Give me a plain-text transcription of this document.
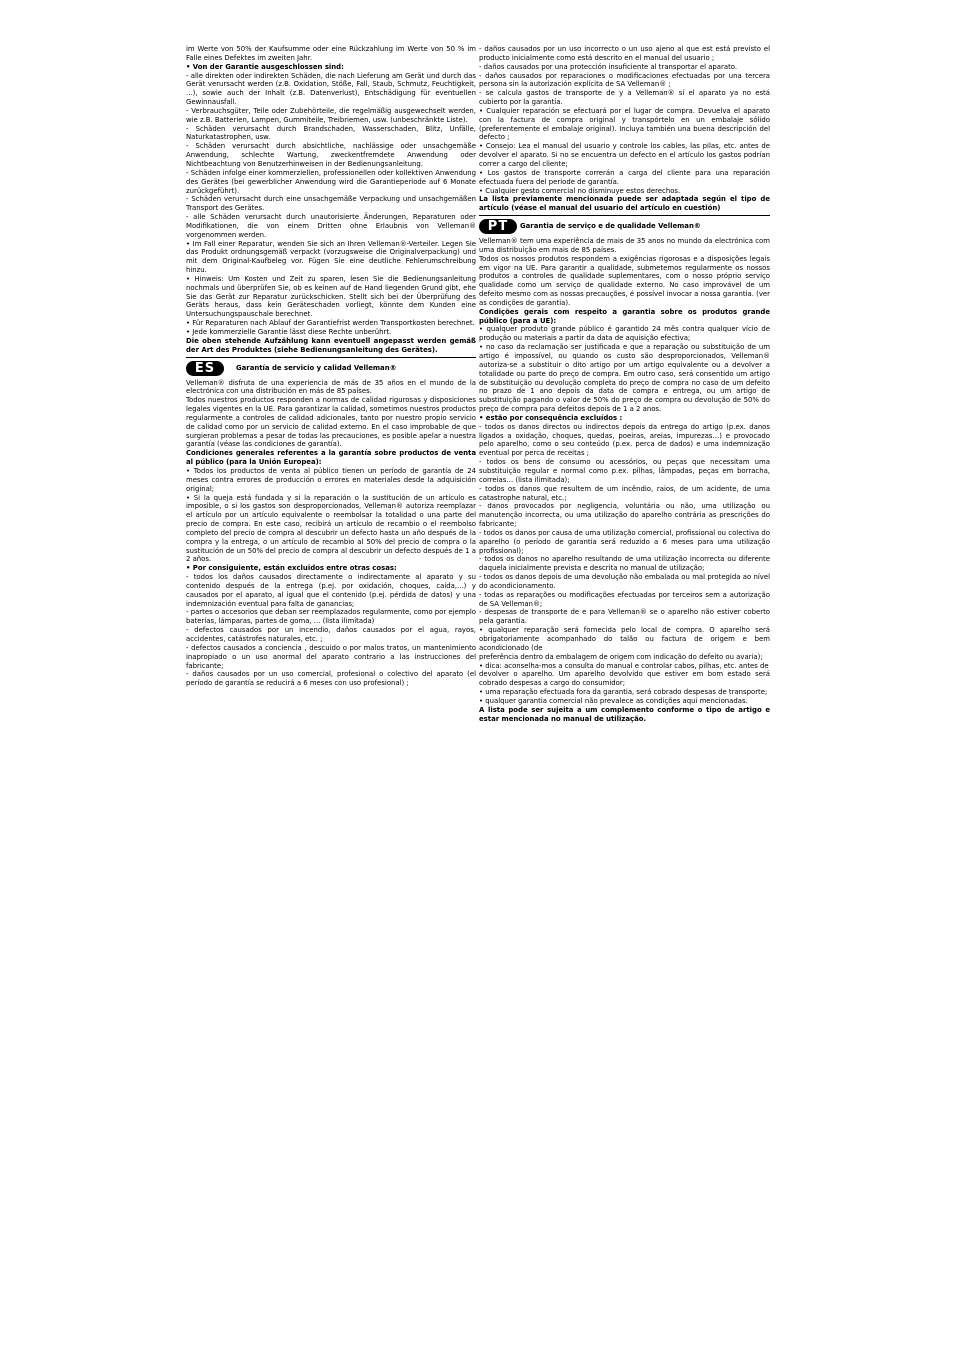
im Werte von 50% der Kaufsumme oder eine Rückzahlung im Werte von 50 % im Falle eines Defektes im zweiten Jahr.

• Von der Garantie ausgeschlossen sind:

- alle direkten oder indirekten Schäden, die nach Lieferung am Gerät und durch das Gerät verursacht werden (z.B. Oxidation, Stöße, Fall, Staub, Schmutz, Feuchtigkeit, ...), sowie auch der Inhalt (z.B. Datenverlust), Entschädigung für eventuellen Gewinnausfall.

- Verbrauchsgüter, Teile oder Zubehörteile, die regelmäßig ausgewechselt werden, wie z.B. Batterien, Lampen, Gummiteile, Treibriemen, usw. (unbeschränkte Liste).

- Schäden verursacht durch Brandschaden, Wasserschaden, Blitz, Unfälle, Naturkatastrophen, usw.

- Schäden verursacht durch absichtliche, nachlässige oder unsachgemäße Anwendung, schlechte Wartung, zweckentfremdete Anwendung oder Nichtbeachtung von Benutzerhinweisen in der Bedienungsanleitung.

- Schäden infolge einer kommerziellen, professionellen oder kollektiven Anwendung des Gerätes (bei gewerblicher Anwendung wird die Garantieperiode auf 6 Monate zurückgeführt).

- Schäden verursacht durch eine unsachgemäße Verpackung und unsachgemäßen Transport des Gerätes.

- alle Schäden verursacht durch unautorisierte Änderungen, Reparaturen oder Modifikationen, die von einem Dritten ohne Erlaubnis von Velleman® vorgenommen werden.

• Im Fall einer Reparatur, wenden Sie sich an Ihren Velleman®-Verteiler. Legen Sie das Produkt ordnungsgemäß verpackt (vorzugsweise die Originalverpackung) und mit dem Original-Kaufbeleg vor. Fügen Sie eine deutliche Fehlerumschreibung hinzu.

• Hinweis: Um Kosten und Zeit zu sparen, lesen Sie die Bedienungsanleitung nochmals und überprüfen Sie, ob es keinen auf de Hand liegenden Grund gibt, ehe Sie das Gerät zur Reparatur zurückschicken. Stellt sich bei der Überprüfung des Geräts heraus, dass kein Geräteschaden vorliegt, könnte dem Kunden eine Untersuchungspauschale berechnet.

• Für Reparaturen nach Ablauf der Garantiefrist werden Transportkosten berechnet.

• Jede kommerzielle Garantie lässt diese Rechte unberührt.

Die oben stehende Aufzählung kann eventuell angepasst werden gemäß der Art des Produktes (siehe Bedienungsanleitung des Gerätes).

ES	Garantía de servicio y calidad Velleman®

Velleman® disfruta de una experiencia de más de 35 años en el mundo de la electrónica con una distribución en más de 85 países.

Todos nuestros productos responden a normas de calidad rigurosas y disposiciones legales vigentes en la UE. Para garantizar la calidad, sometimos nuestros productos regularmente a controles de calidad adicionales, tanto por nuestro propio servicio de calidad como por un servicio de calidad externo. En el caso improbable de que surgieran problemas a pesar de todas las precauciones, es posible apelar a nuestra garantía (véase las condiciones de garantía).

Condiciones generales referentes a la garantía sobre productos de venta al público (para la Unión Europea):

• Todos los productos de venta al público tienen un período de garantía de 24 meses contra errores de producción o errores en materiales desde la adquisición original;

• Si la queja está fundada y si la reparación o la sustitución de un artículo es imposible, o si los gastos son desproporcionados, Velleman® autoriza reemplazar el artículo por un artículo equivalente o reembolsar la totalidad o una parte del precio de compra. En este caso, recibirá un artículo de recambio o el reembolso completo del precio de compra al descubrir un defecto hasta un año después de la compra y la entrega, o un artículo de recambio al 50% del precio de compra o la sustitución de un 50% del precio de compra al descubrir un defecto después de 1 a 2 años.

• Por consiguiente, están excluidos entre otras cosas:

- todos los daños causados directamente o indirectamente al aparato y su contenido después de la entrega (p.ej. por oxidación, choques, caída,...) y causados por el aparato, al igual que el contenido (p.ej. pérdida de datos) y una indemnización eventual para falta de ganancias;

- partes o accesorios que deban ser reemplazados regularmente, como por ejemplo baterías, lámparas, partes de goma, ... (lista ilimitada)

- defectos causados por un incendio, daños causados por el agua, rayos, accidentes, catástrofes naturales, etc. ;

- defectos causados a conciencia , descuido o por malos tratos, un mantenimiento inapropiado o un uso anormal del aparato contrario a las instrucciones del fabricante;

- daños causados por un uso comercial, profesional o colectivo del aparato (el período de garantía se reducirá a 6 meses con uso profesional) ;

- daños causados por un uso incorrecto o un uso ajeno al que est está previsto el producto inicialmente como está descrito en el manual del usuario ;

- daños causados por una protección insuficiente al transportar el aparato.

- daños causados por reparaciones o modificaciones efectuadas por una tercera persona sin la autorización explícita de SA Velleman® ;

- se calcula gastos de transporte de y a Velleman® si el aparato ya no está cubierto por la garantía.

• Cualquier reparación se efectuará por el lugar de compra. Devuelva el aparato con la factura de compra original y transpórtelo en un embalaje sólido (preferentemente el embalaje original). Incluya también una buena descripción del defecto ;

• Consejo: Lea el manual del usuario y controle los cables, las pilas, etc. antes de devolver el aparato. Si no se encuentra un defecto en el artículo los gastos podrían correr a cargo del cliente;

• Los gastos de transporte correrán a carga del cliente para una reparación efectuada fuera del periode de garantía.

• Cualquier gesto comercial no disminuye estos derechos.

La lista previamente mencionada puede ser adaptada según el tipo de artículo (véase el manual del usuario del artículo en cuestión)

PT	Garantia de serviço e de qualidade Velleman®

Velleman® tem uma experiência de mais de 35 anos no mundo da electrónica com uma distribuição em mais de 85 países.

Todos os nossos produtos respondem a exigências rigorosas e a disposições legais em vigor na UE. Para garantir a qualidade, submetemos regularmente os nossos produtos a controles de qualidade suplementares, com o nosso próprio serviço qualidade como um serviço de qualidade externo. No caso improvável de um defeito mesmo com as nossas precauções, é possível invocar a nossa garantia. (ver as condições de garantia).

Condições gerais com respeito a garantia sobre os produtos grande público (para a UE):

• qualquer produto grande público é garantido 24 mês contra qualquer vício de produção ou materiais a partir da data de aquisição efectiva;

• no caso da reclamação ser justificada e que a reparação ou substituição de um artigo é impossível, ou quando os custo são desproporcionados, Velleman® autoriza-se a substituir o dito artigo por um artigo equivalente ou a devolver a totalidade ou parte do preço de compra. Em outro caso, será consentido um artigo de substituição ou devolução completa do preço de compra no caso de um defeito no prazo de 1 ano depois da data de compra e entrega, ou um artigo de substituição pagando o valor de 50% do preço de compra ou devolução de 50% do preço de compra para defeitos depois de 1 a 2 anos.

• estão por consequência excluídos :

- todos os danos directos ou indirectos depois da entrega do artigo (p.ex. danos ligados a oxidação, choques, quedas, poeiras, areias, impurezas…) e provocado pelo aparelho, como o seu conteúdo (p.ex. perca de dados) e uma indemnização eventual por perca de receitas ;

- todos os bens de consumo ou acessórios, ou peças que necessitam uma substituição regular e normal como p.ex. pilhas, lâmpadas, peças em borracha, correias… (lista ilimitada);

- todos os danos que resultem de um incêndio, raios, de um acidente, de uma catastrophe natural, etc.;

- danos provocados por negligencia, voluntária ou não, uma utilização ou manutenção incorrecta, ou uma utilização do aparelho contrária as prescrições do fabricante;

- todos os danos por causa de uma utilização comercial, profissional ou colectiva do aparelho (o período de garantia será reduzido a 6 meses para uma utilização profissional);

- todos os danos no aparelho resultando de uma utilização incorrecta ou diferente daquela inicialmente prevista e descrita no manual de utilização;

- todos os danos depois de uma devolução não embalada ou mal protegida ao nível do acondicionamento.

- todas as reparações ou modificações efectuadas por terceiros sem a autorização de SA Velleman®;

- despesas de transporte de e para Velleman® se o aparelho não estiver coberto pela garantia.

• qualquer reparação será fornecida pelo local de compra. O aparelho será obrigatoriamente acompanhado do talão ou factura de origem e bem acondicionado (de

preferência dentro da embalagem de origem com indicação do defeito ou avaria);

• dica: aconselha-mos a consulta do manual e controlar cabos, pilhas, etc. antes de

devolver o aparelho. Um aparelho devolvido que estiver em bom estado será cobrado despesas a cargo do consumidor;

• uma reparação efectuada fora da garantia, será cobrado despesas de transporte;

• qualquer garantia comercial não prevalece as condições aqui mencionadas.

A lista pode ser sujeita a um complemento conforme o tipo de artigo e estar mencionada no manual de utilização.
